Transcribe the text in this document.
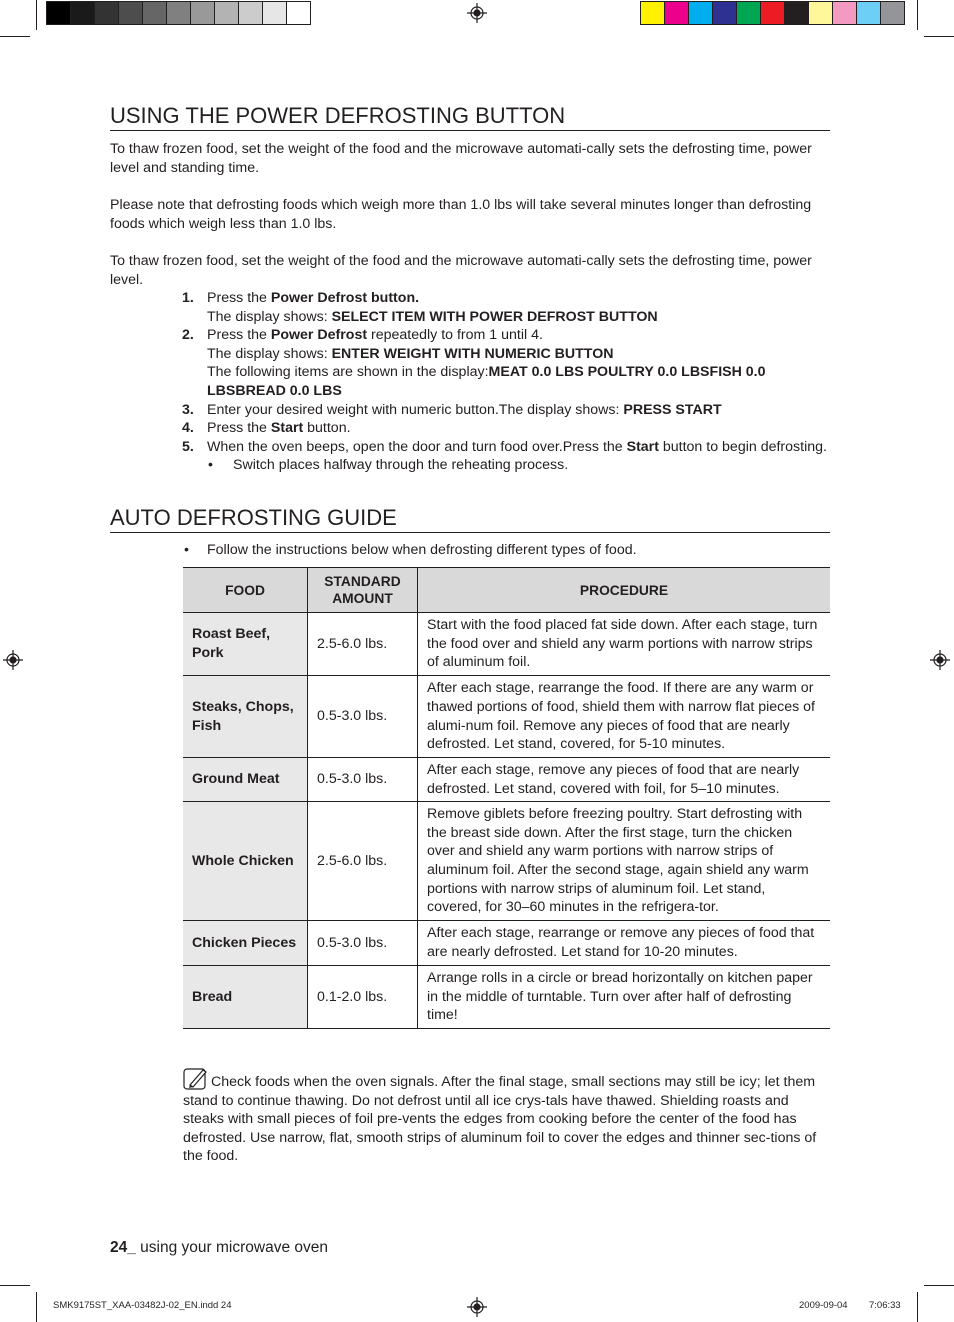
USING THE POWER DEFROSTING BUTTON

To thaw frozen food, set the weight of the food and the microwave automati-cally sets the defrosting time, power level and standing time.

Please note that defrosting foods which weigh more than 1.0 lbs will take several minutes longer than defrosting foods which weigh less than 1.0 lbs.

To thaw frozen food, set the weight of the food and the microwave automati-cally sets the defrosting time, power level.

1. Press the Power Defrost button.
The display shows: SELECT ITEM WITH POWER DEFROST BUTTON
2. Press the Power Defrost repeatedly to from 1 until 4.
The display shows: ENTER WEIGHT WITH NUMERIC BUTTON
The following items are shown in the display:MEAT 0.0 LBS POULTRY 0.0 LBSFISH 0.0 LBSBREAD 0.0 LBS
3. Enter your desired weight with numeric button.The display shows: PRESS START
4. Press the Start button.
5. When the oven beeps, open the door and turn food over.Press the Start button to begin defrosting.
• Switch places halfway through the reheating process.
AUTO DEFROSTING GUIDE
• Follow the instructions below when defrosting different types of food.
FOOD	STANDARD AMOUNT	PROCEDURE
Roast Beef, Pork	2.5-6.0 lbs.	Start with the food placed fat side down. After each stage, turn the food over and shield any warm portions with narrow strips of aluminum foil.
Steaks, Chops, Fish	0.5-3.0 lbs.	After each stage, rearrange the food. If there are any warm or thawed portions of food, shield them with narrow flat pieces of alumi-num foil. Remove any pieces of food that are nearly defrosted. Let stand, covered, for 5-10 minutes.
Ground Meat	0.5-3.0 lbs.	After each stage, remove any pieces of food that are nearly defrosted. Let stand, covered with foil, for 5–10 minutes.
Whole Chicken	2.5-6.0 lbs.	Remove giblets before freezing poultry. Start defrosting with the breast side down. After the first stage, turn the chicken over and shield any warm portions with narrow strips of aluminum foil. After the second stage, again shield any warm portions with narrow strips of aluminum foil. Let stand, covered, for 30–60 minutes in the refrigera-tor.
Chicken Pieces	0.5-3.0 lbs.	After each stage, rearrange or remove any pieces of food that are nearly defrosted. Let stand for 10-20 minutes.
Bread	0.1-2.0 lbs.	Arrange rolls in a circle or bread horizontally on kitchen paper in the middle of turntable. Turn over after half of defrosting time!
Check foods when the oven signals. After the final stage, small sections may still be icy; let them stand to continue thawing. Do not defrost until all ice crys-tals have thawed. Shielding roasts and steaks with small pieces of foil pre-vents the edges from cooking before the center of the food has defrosted. Use narrow, flat, smooth strips of aluminum foil to cover the edges and thinner sec-tions of the food.
24_ using your microwave oven
SMK9175ST_XAA-03482J-02_EN.indd 24	2009-09-04 7:06:33
